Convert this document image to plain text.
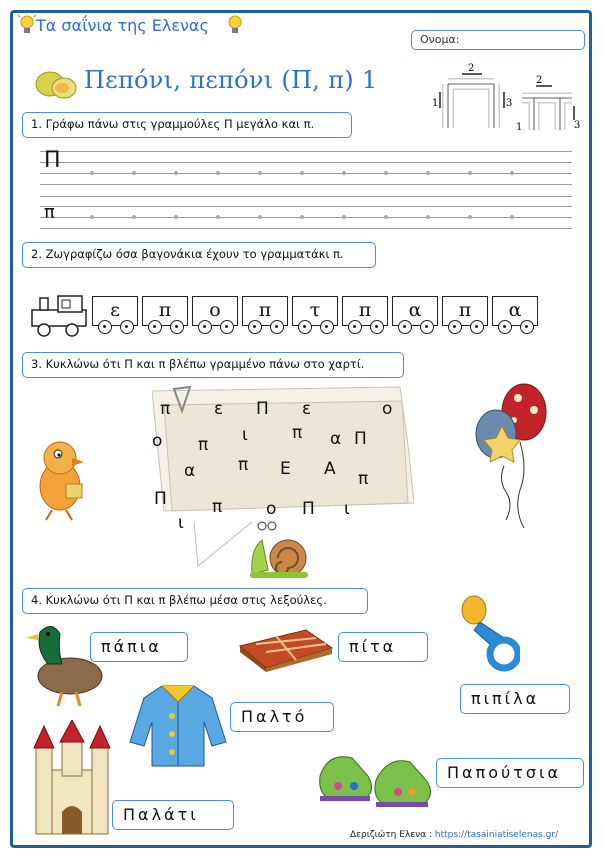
Τα σαΐνια της Ελενας
Ονομα:
Πεπόνι, πεπόνι (Π, π) 1
1
2
3
2
1	3
1. Γράφω πάνω στις γραμμούλες Π μεγάλο και π.
Π
π
2. Ζωγραφίζω όσα βαγονάκια έχουν το γραμματάκι π.
ε	π	ο	π	τ	π	α	π	α
3. Κυκλώνω ότι Π και π βλέπω γραμμένο πάνω στο χαρτί.
π	ε Π ε	ο
ο π ι	π α Π
α	π Ε Α π
Π	π	ο Π ι
ι
4. Κυκλώνω ότι Π και π βλέπω μέσα στις λεξούλες.
πάπια	πίτα
πιπίλα
Παλτό
Παπούτσια
Παλάτι
Δεριζιώτη Ελενα : https://tasainiatiselenas.gr/
